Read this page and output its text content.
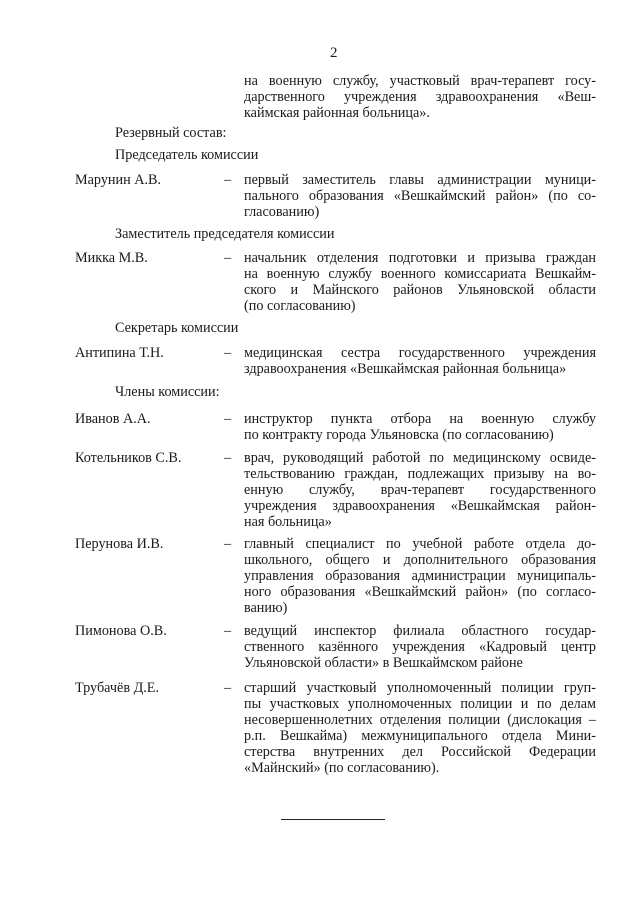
2
на военную службу, участковый врач-терапевт госу-
дарственного учреждения здравоохранения «Веш-
каймская районная больница».
Резервный состав:
Председатель комиссии
Марунин А.В.	– первый заместитель главы администрации муници-
пального образования «Вешкаймский район» (по со-
гласованию)
Заместитель председателя комиссии
Микка М.В.	– начальник отделения подготовки и призыва граждан
на военную службу военного комиссариата Вешкайм-
ского и Майнского районов Ульяновской области
(по согласованию)
Секретарь комиссии
Антипина Т.Н.	– медицинская сестра государственного учреждения
здравоохранения «Вешкаймская районная больница»
Члены комиссии:
Иванов А.А.	– инструктор пункта отбора на военную службу
по контракту города Ульяновска (по согласованию)
Котельников С.В.	– врач, руководящий работой по медицинскому освиде-
тельствованию граждан, подлежащих призыву на во-
енную службу, врач-терапевт государственного
учреждения здравоохранения «Вешкаймская район-
ная больница»
Перунова И.В.	– главный специалист по учебной работе отдела до-
школьного, общего и дополнительного образования
управления образования администрации муниципаль-
ного образования «Вешкаймский район» (по согласо-
ванию)
Пимонова О.В.	– ведущий инспектор филиала областного государ-
ственного казённого учреждения «Кадровый центр
Ульяновской области» в Вешкаймском районе
Трубачёв Д.Е.	– старший участковый уполномоченный полиции груп-
пы участковых уполномоченных полиции и по делам
несовершеннолетних отделения полиции (дислокация –
р.п. Вешкайма) межмуниципального отдела Мини-
стерства внутренних дел Российской Федерации
«Майнский» (по согласованию).
